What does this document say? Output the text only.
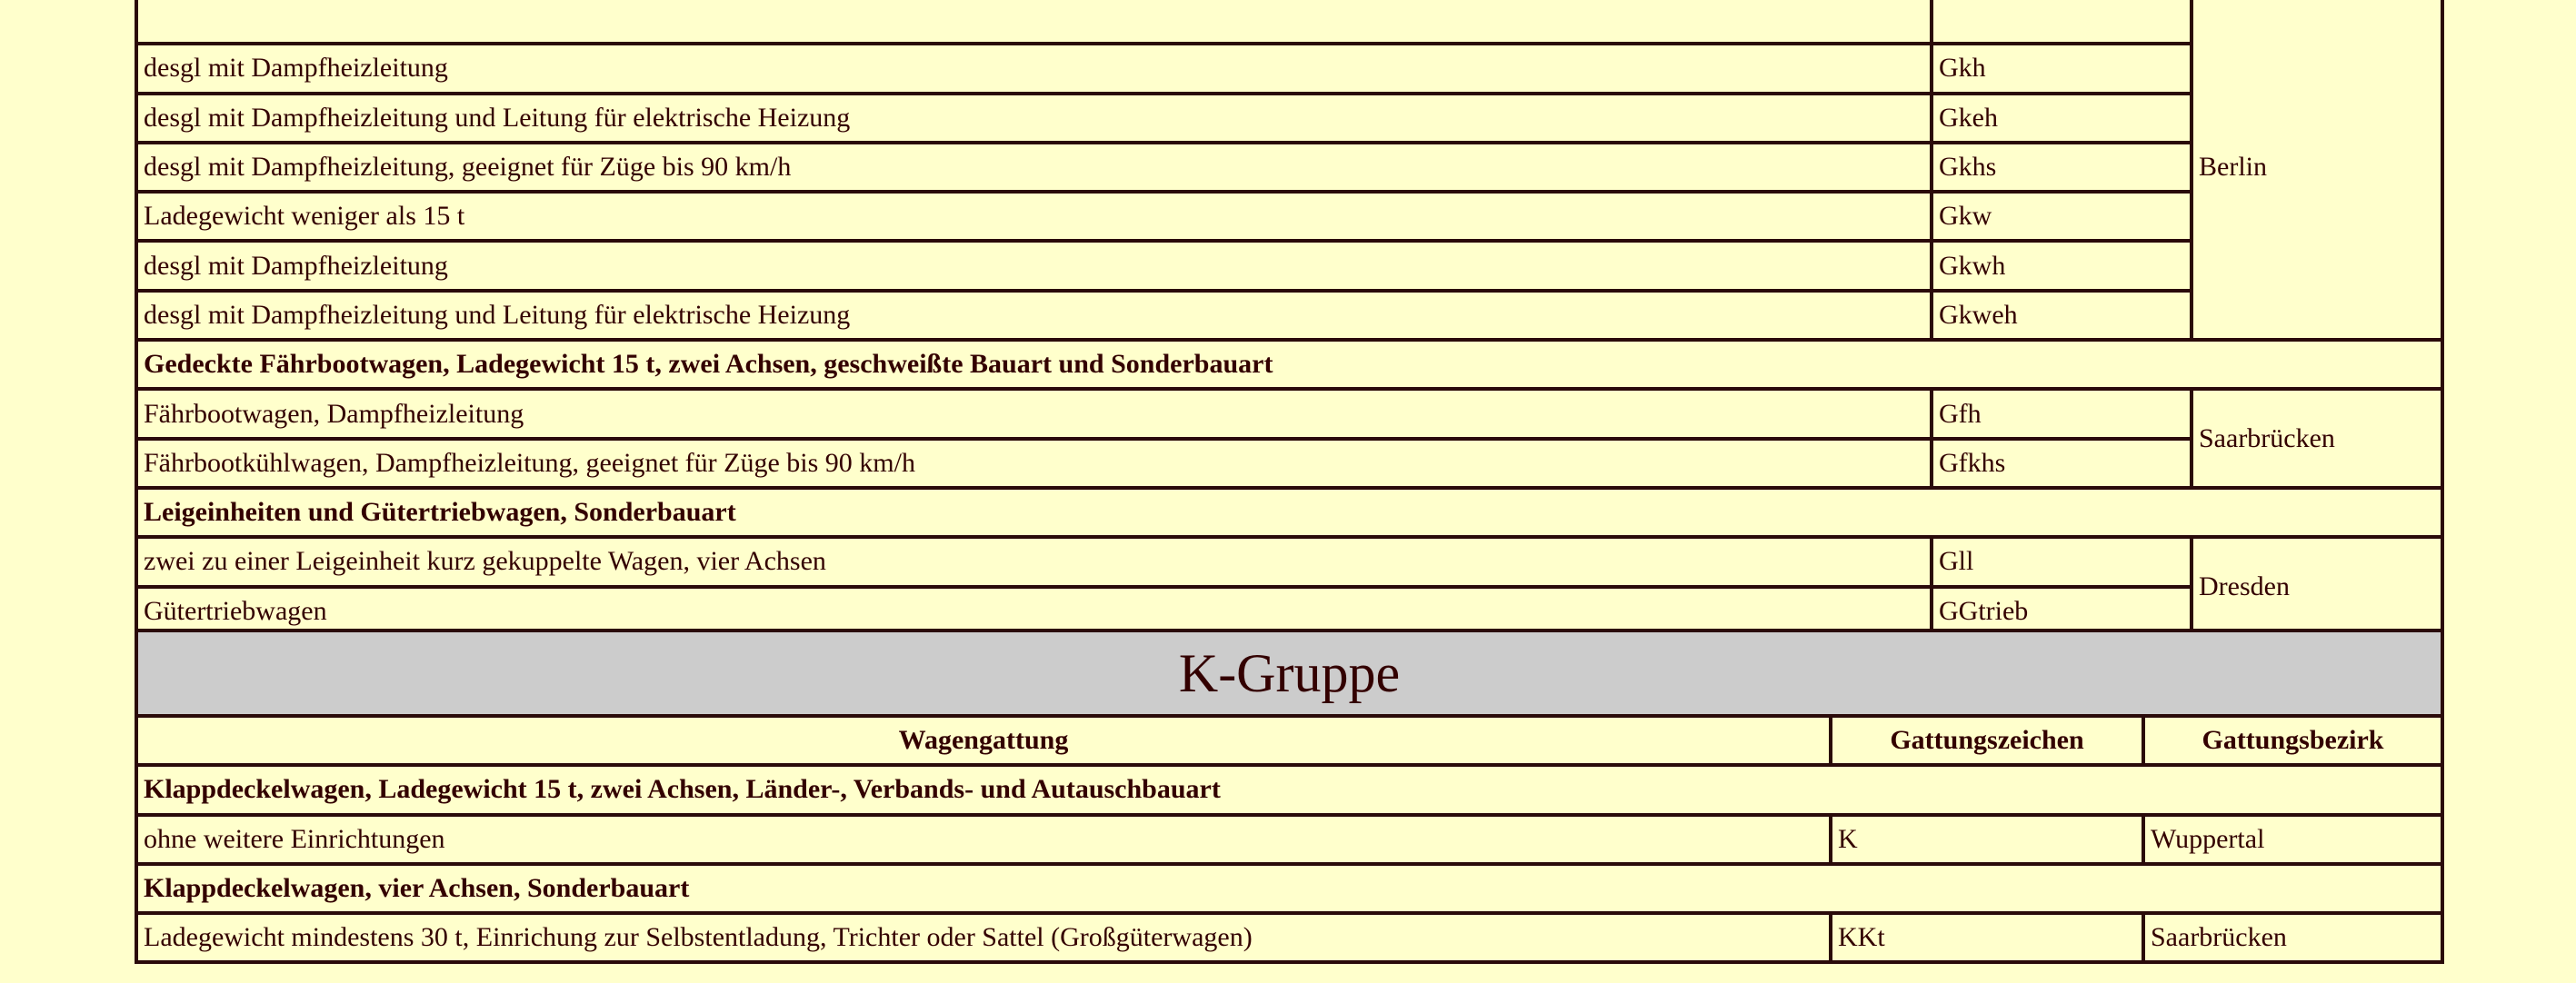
		Berlin
desgl mit Dampfheizleitung	Gkh	
desgl mit Dampfheizleitung und Leitung für elektrische Heizung	Gkeh	
desgl mit Dampfheizleitung, geeignet für Züge bis 90 km/h	Gkhs	
Ladegewicht weniger als 15 t	Gkw	
desgl mit Dampfheizleitung	Gkwh	
desgl mit Dampfheizleitung und Leitung für elektrische Heizung	Gkweh	
Gedeckte Fährbootwagen, Ladegewicht 15 t, zwei Achsen, geschweißte Bauart und Sonderbauart		
Fährbootwagen, Dampfheizleitung	Gfh	Saarbrücken
Fährbootkühlwagen, Dampfheizleitung, geeignet für Züge bis 90 km/h	Gfkhs	
Leigeinheiten und Gütertriebwagen, Sonderbauart		
zwei zu einer Leigeinheit kurz gekuppelte Wagen, vier Achsen	Gll	Dresden
Gütertriebwagen	GGtrieb	
K-Gruppe		
Wagengattung	Gattungszeichen	Gattungsbezirk
Klappdeckelwagen, Ladegewicht 15 t, zwei Achsen, Länder-, Verbands- und Autauschbauart		
ohne weitere Einrichtungen	K	Wuppertal
Klappdeckelwagen, vier Achsen, Sonderbauart		
Ladegewicht mindestens 30 t, Einrichung zur Selbstentladung, Trichter oder Sattel (Großgüterwagen)	KKt	Saarbrücken
